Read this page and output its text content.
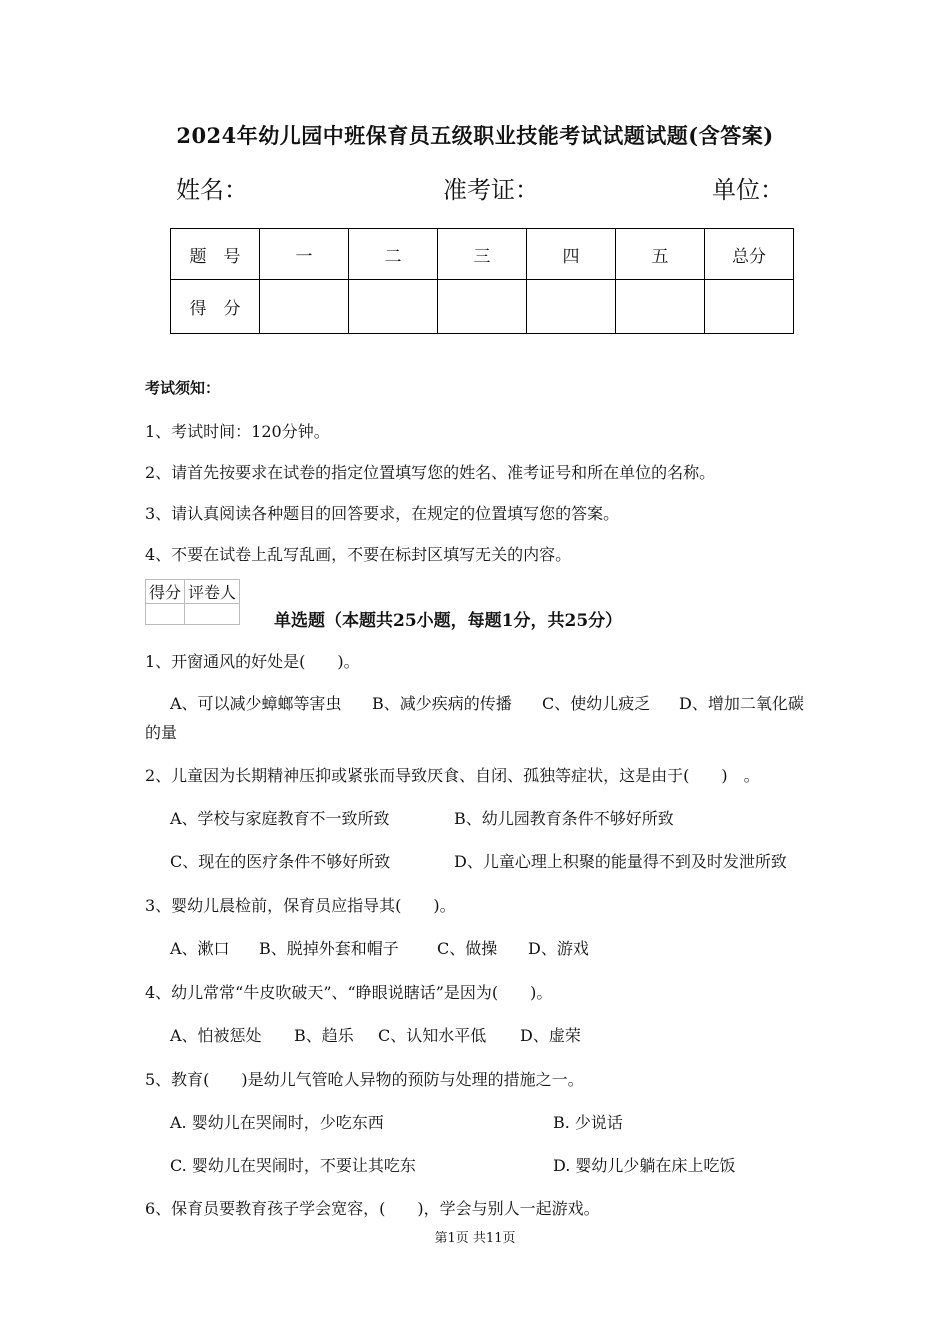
2024年幼儿园中班保育员五级职业技能考试试题试题(含答案)
姓名：	准考证：	单位：
题　号	一	二	三	四	五	总分
得　分						
考试须知：
1、考试时间：120分钟。
2、请首先按要求在试卷的指定位置填写您的姓名、准考证号和所在单位的名称。
3、请认真阅读各种题目的回答要求，在规定的位置填写您的答案。
4、不要在试卷上乱写乱画，不要在标封区填写无关的内容。
得分	评卷人

单选题（本题共25小题，每题1分，共25分）
1、开窗通风的好处是(　　)。
A、可以减少蟑螂等害虫 B、减少疾病的传播 C、使幼儿疲乏 D、增加二氧化碳
的量
2、儿童因为长期精神压抑或紧张而导致厌食、自闭、孤独等症状，这是由于(　　)　。
A、学校与家庭教育不一致所致	B、幼儿园教育条件不够好所致
C、现在的医疗条件不够好所致	D、儿童心理上积聚的能量得不到及时发泄所致
3、婴幼儿晨检前，保育员应指导其(　　)。
A、漱口 B、脱掉外套和帽子 C、做操 D、游戏
4、幼儿常常“牛皮吹破天”、“睁眼说瞎话”是因为(　　)。
A、怕被惩处 B、趋乐 C、认知水平低 D、虚荣
5、教育(　　)是幼儿气管呛人异物的预防与处理的措施之一。
A. 婴幼儿在哭闹时，少吃东西	B. 少说话
C. 婴幼儿在哭闹时，不要让其吃东	D. 婴幼儿少躺在床上吃饭
6、保育员要教育孩子学会宽容，(　　)，学会与别人一起游戏。
第1页 共11页
